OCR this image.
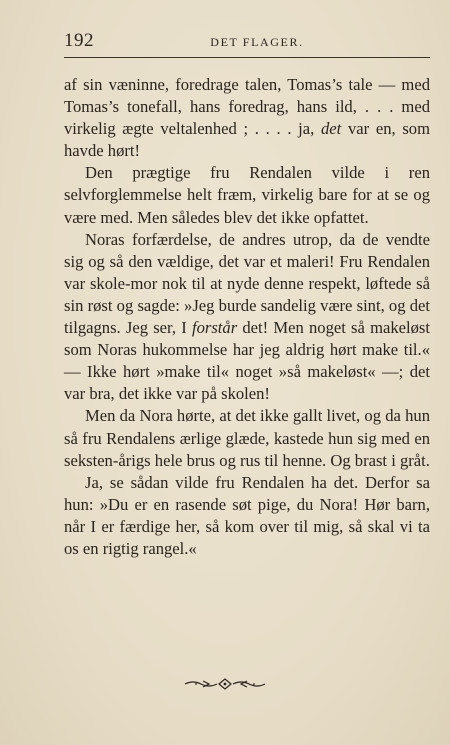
192	DET FLAGER.

af sin væninne, foredrage talen, Tomas’s tale — med Tomas’s tonefall, hans foredrag, hans ild, . . . med virkelig ægte veltalenhed ; . . . . ja, det var en, som havde hørt!

Den prægtige fru Rendalen vilde i ren selvforglemmelse helt fræm, virkelig bare for at se og være med. Men således blev det ikke opfattet.

Noras forfærdelse, de andres utrop, da de vendte sig og så den vældige, det var et maleri! Fru Rendalen var skole-mor nok til at nyde denne respekt, løftede så sin røst og sagde: »Jeg burde sandelig være sint, og det tilgagns. Jeg ser, I forstår det! Men noget så makeløst som Noras hukommelse har jeg aldrig hørt make til.« — Ikke hørt »make til« noget »så makeløst« —; det var bra, det ikke var på skolen!

Men da Nora hørte, at det ikke gallt livet, og da hun så fru Rendalens ærlige glæde, kastede hun sig med en seksten-årigs hele brus og rus til henne. Og brast i gråt.

Ja, se sådan vilde fru Rendalen ha det. Derfor sa hun: »Du er en rasende søt pige, du Nora! Hør barn, når I er færdige her, så kom over til mig, så skal vi ta os en rigtig rangel.«
